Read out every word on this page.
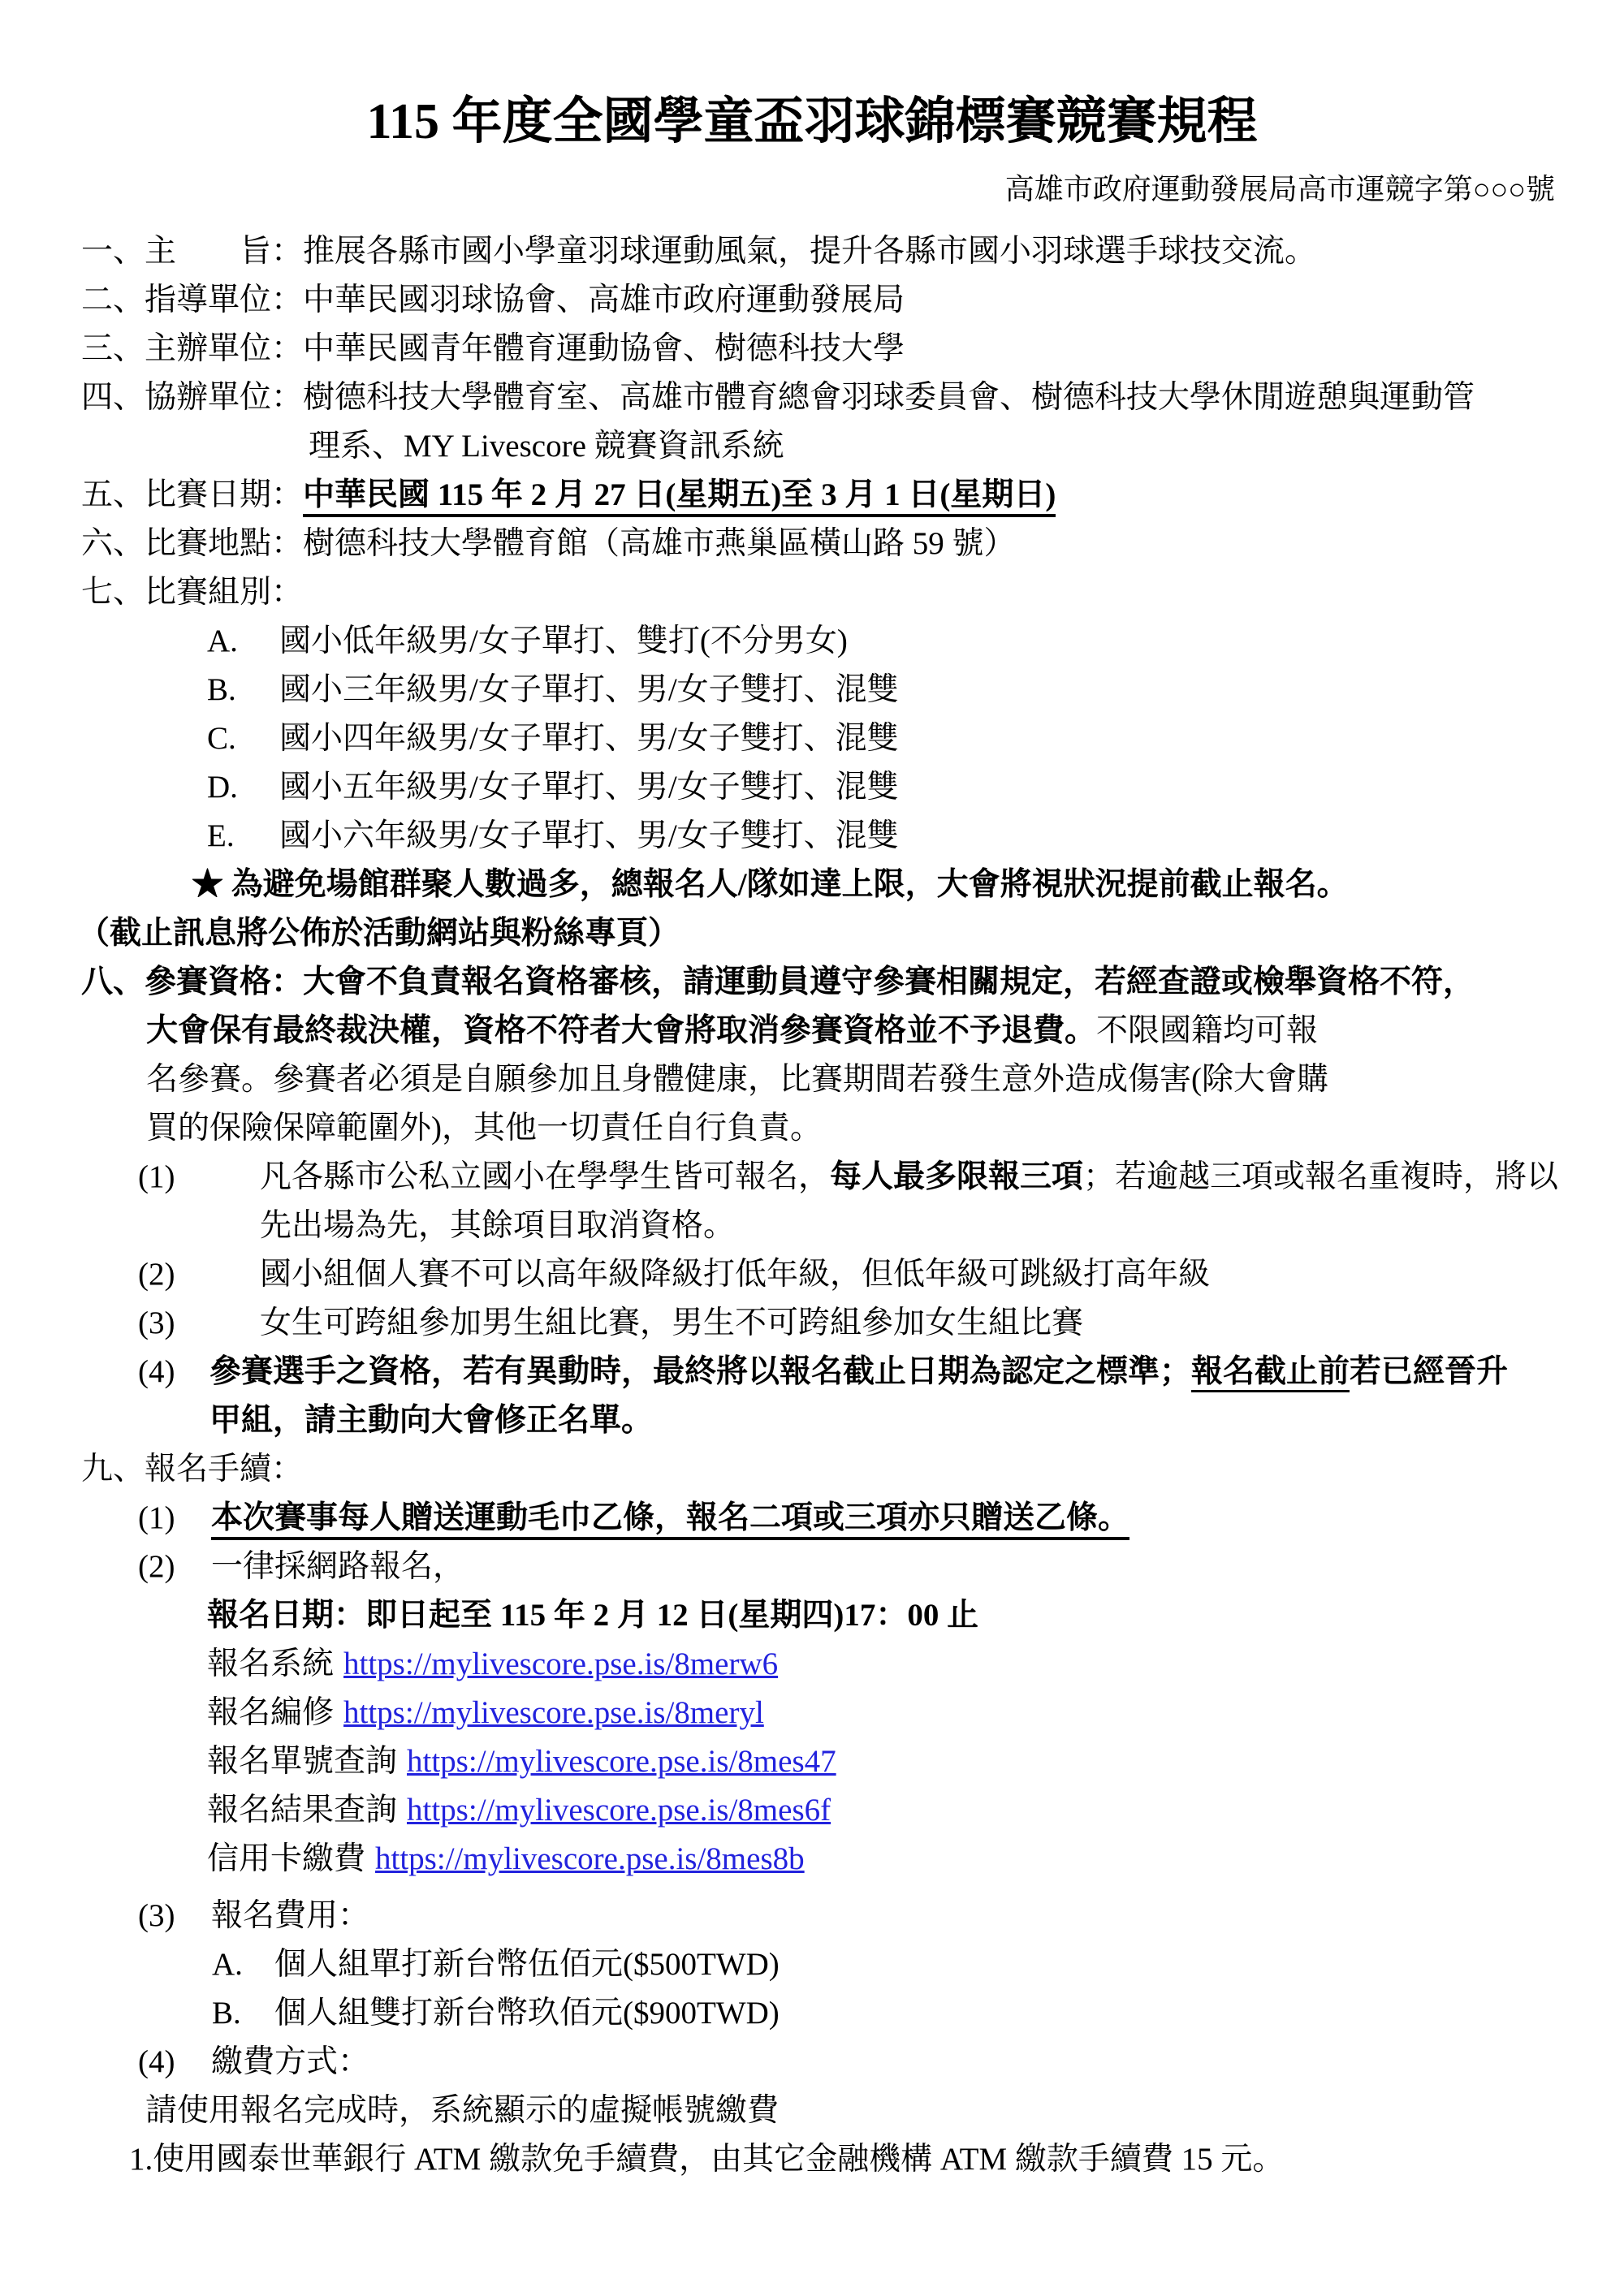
115 年度全國學童盃羽球錦標賽競賽規程
高雄市政府運動發展局高市運競字第○○○號
一、主　　旨：推展各縣市國小學童羽球運動風氣，提升各縣市國小羽球選手球技交流。
二、指導單位：中華民國羽球協會、高雄市政府運動發展局
三、主辦單位：中華民國青年體育運動協會、樹德科技大學
四、協辦單位：樹德科技大學體育室、高雄市體育總會羽球委員會、樹德科技大學休閒遊憩與運動管
理系、MY Livescore 競賽資訊系統
五、比賽日期：中華民國 115 年 2 月 27 日(星期五)至 3 月 1 日(星期日)
六、比賽地點：樹德科技大學體育館（高雄市燕巢區橫山路 59 號）
七、比賽組別：
A. 國小低年級男/女子單打、雙打(不分男女)
B. 國小三年級男/女子單打、男/女子雙打、混雙
C. 國小四年級男/女子單打、男/女子雙打、混雙
D. 國小五年級男/女子單打、男/女子雙打、混雙
E. 國小六年級男/女子單打、男/女子雙打、混雙
★ 為避免場館群聚人數過多，總報名人/隊如達上限，大會將視狀況提前截止報名。
（截止訊息將公佈於活動網站與粉絲專頁）
八、參賽資格：大會不負責報名資格審核，請運動員遵守參賽相關規定，若經查證或檢舉資格不符，
大會保有最終裁決權，資格不符者大會將取消參賽資格並不予退費。不限國籍均可報
名參賽。參賽者必須是自願參加且身體健康，比賽期間若發生意外造成傷害(除大會購
買的保險保障範圍外)，其他一切責任自行負責。
(1)	凡各縣市公私立國小在學學生皆可報名，每人最多限報三項；若逾越三項或報名重複時，將以
先出場為先，其餘項目取消資格。
(2)	國小組個人賽不可以高年級降級打低年級，但低年級可跳級打高年級
(3)	女生可跨組參加男生組比賽，男生不可跨組參加女生組比賽
(4) 參賽選手之資格，若有異動時，最終將以報名截止日期為認定之標準；報名截止前若已經晉升
甲組，請主動向大會修正名單。
九、報名手續：
(1) 本次賽事每人贈送運動毛巾乙條，報名二項或三項亦只贈送乙條。
(2) 一律採網路報名，
報名日期：即日起至 115 年 2 月 12 日(星期四)17：00 止
報名系統 https://mylivescore.pse.is/8merw6
報名編修 https://mylivescore.pse.is/8meryl
報名單號查詢 https://mylivescore.pse.is/8mes47
報名結果查詢 https://mylivescore.pse.is/8mes6f
信用卡繳費 https://mylivescore.pse.is/8mes8b
(3) 報名費用：
A. 個人組單打新台幣伍佰元($500TWD)
B. 個人組雙打新台幣玖佰元($900TWD)
(4) 繳費方式：
請使用報名完成時，系統顯示的虛擬帳號繳費
1.使用國泰世華銀行 ATM 繳款免手續費，由其它金融機構 ATM 繳款手續費 15 元。
